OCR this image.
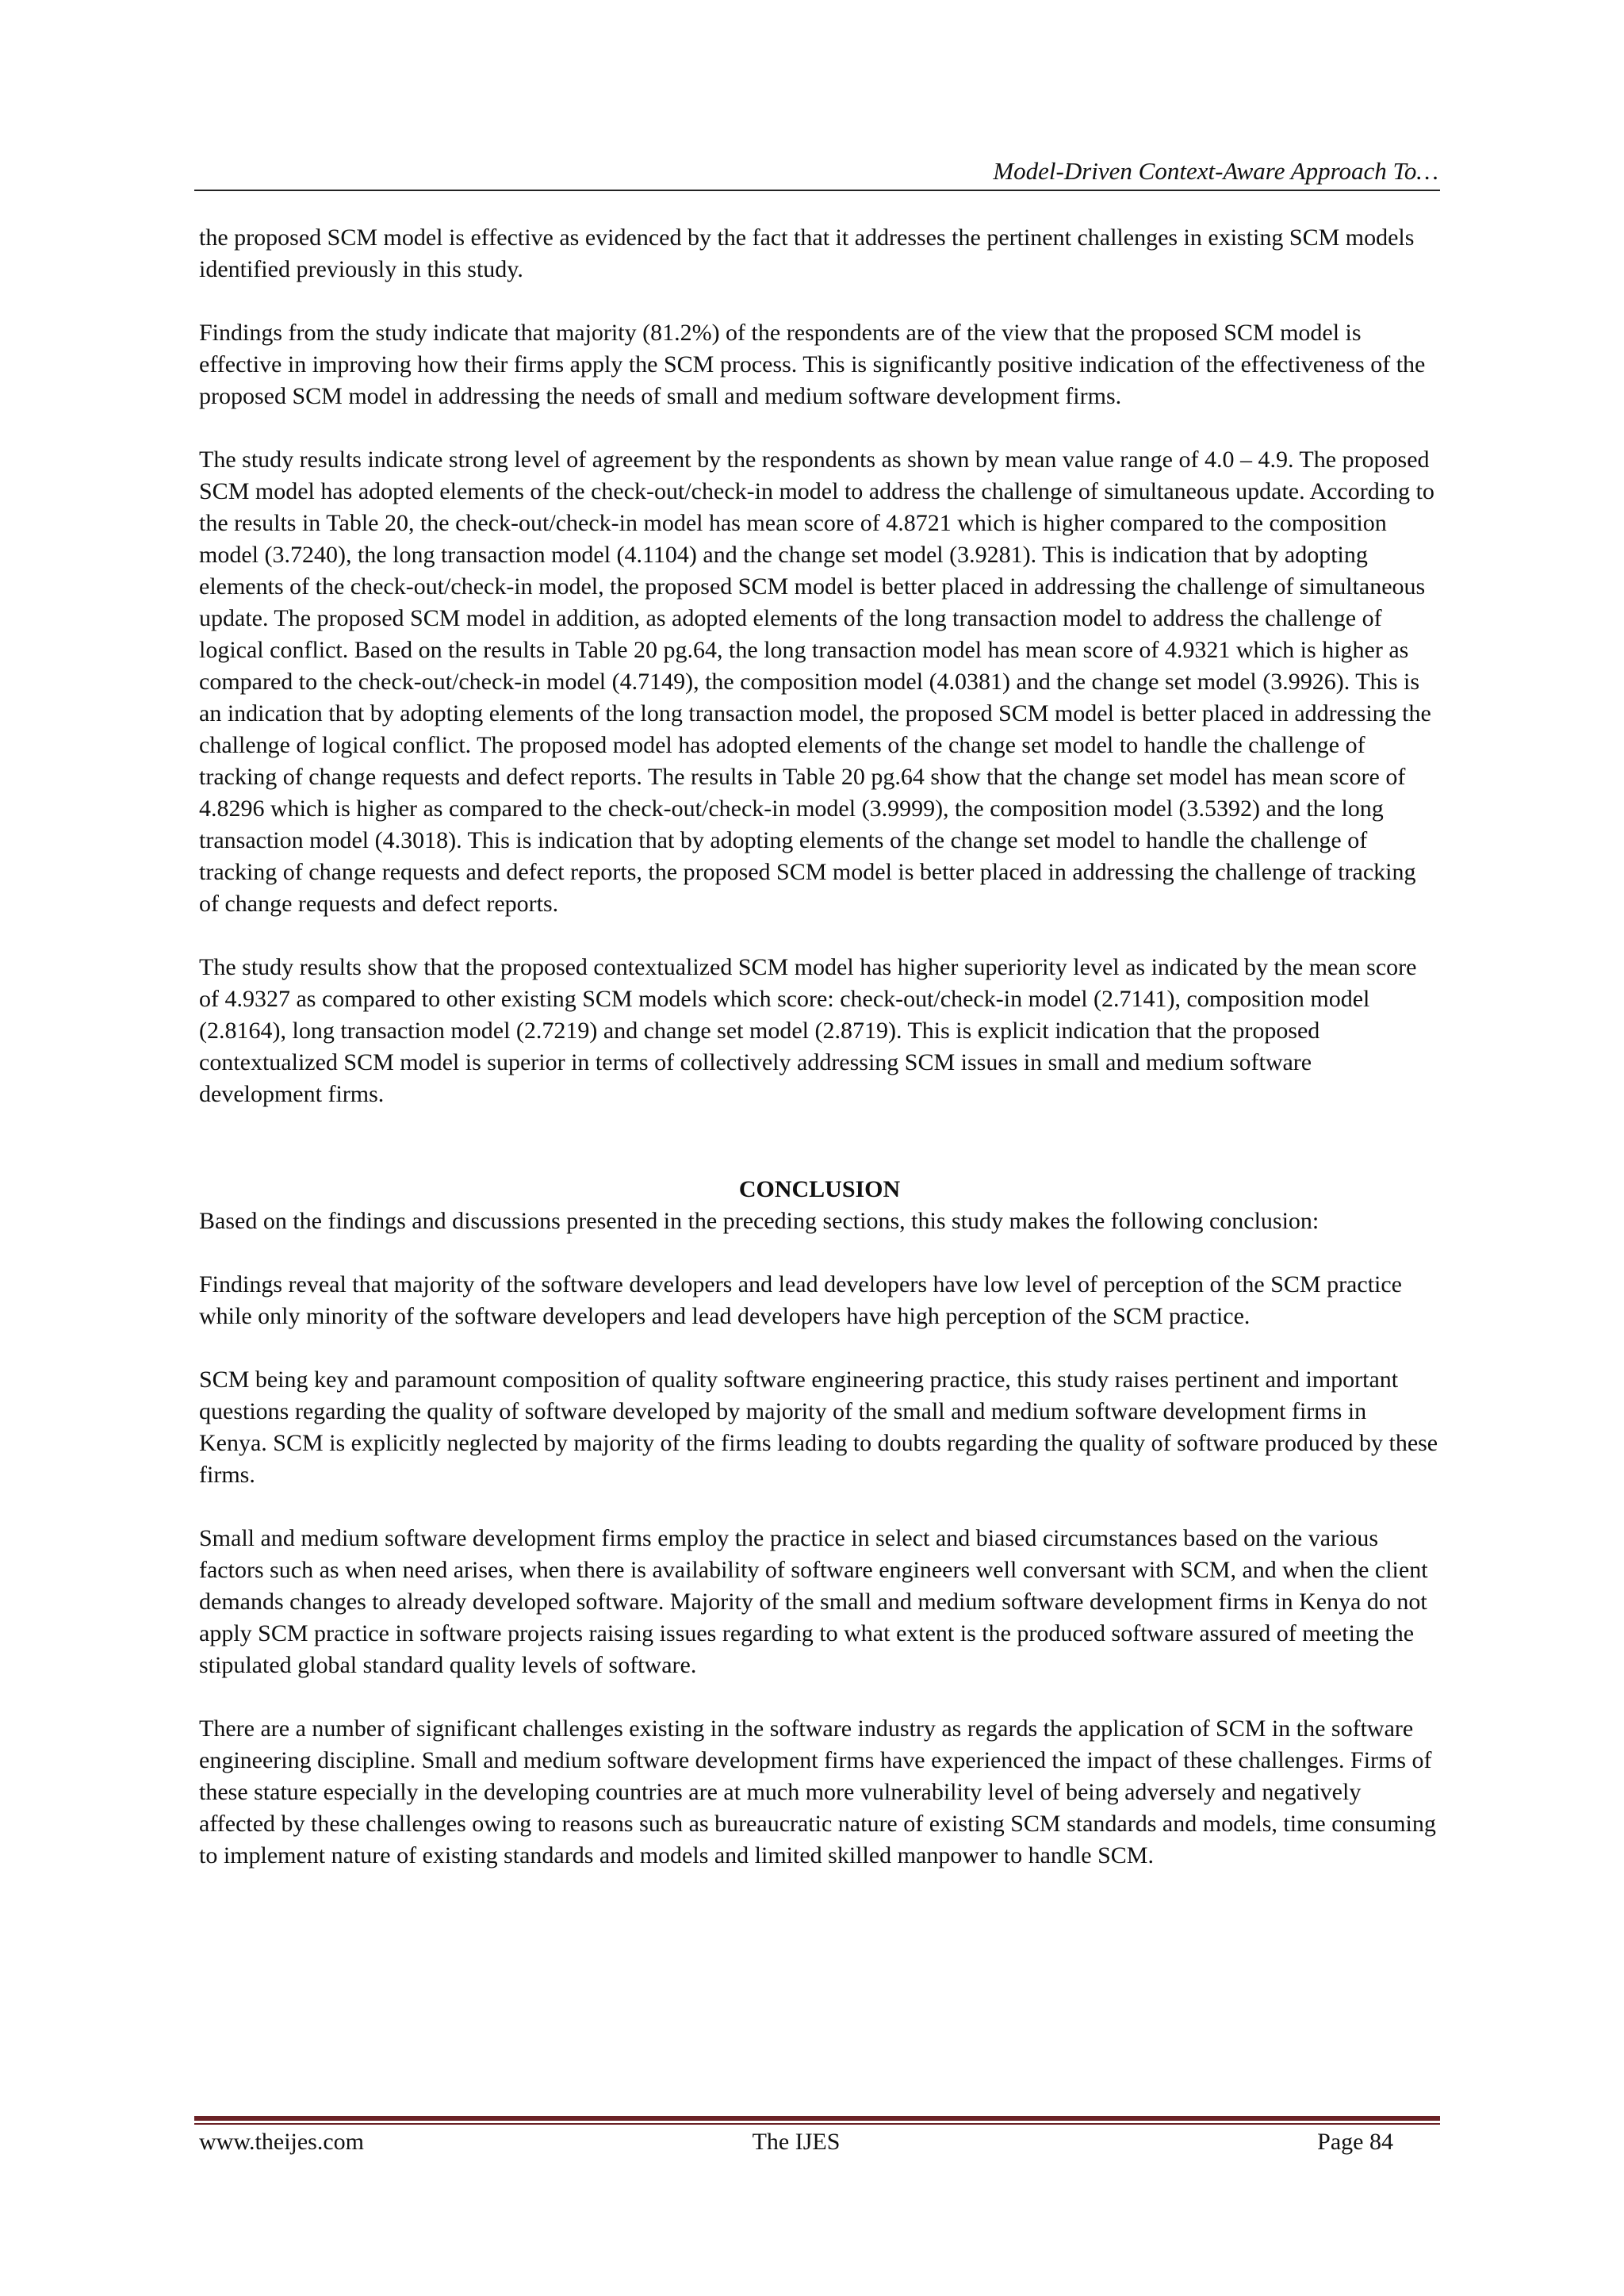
Model-Driven Context-Aware Approach To…

the proposed SCM model is effective as evidenced by the fact that it addresses the pertinent challenges in existing SCM models identified previously in this study.

Findings from the study indicate that majority (81.2%) of the respondents are of the view that the proposed SCM model is effective in improving how their firms apply the SCM process. This is significantly positive indication of the effectiveness of the proposed SCM model in addressing the needs of small and medium software development firms.

The study results indicate strong level of agreement by the respondents as shown by mean value range of 4.0 – 4.9. The proposed SCM model has adopted elements of the check-out/check-in model to address the challenge of simultaneous update. According to the results in Table 20, the check-out/check-in model has mean score of 4.8721 which is higher compared to the composition model (3.7240), the long transaction model (4.1104) and the change set model (3.9281). This is indication that by adopting elements of the check-out/check-in model, the proposed SCM model is better placed in addressing the challenge of simultaneous update. The proposed SCM model in addition, as adopted elements of the long transaction model to address the challenge of logical conflict. Based on the results in Table 20 pg.64, the long transaction model has mean score of 4.9321 which is higher as compared to the check-out/check-in model (4.7149), the composition model (4.0381) and the change set model (3.9926). This is an indication that by adopting elements of the long transaction model, the proposed SCM model is better placed in addressing the challenge of logical conflict. The proposed model has adopted elements of the change set model to handle the challenge of tracking of change requests and defect reports. The results in Table 20 pg.64 show that the change set model has mean score of 4.8296 which is higher as compared to the check-out/check-in model (3.9999), the composition model (3.5392) and the long transaction model (4.3018). This is indication that by adopting elements of the change set model to handle the challenge of tracking of change requests and defect reports, the proposed SCM model is better placed in addressing the challenge of tracking of change requests and defect reports.

The study results show that the proposed contextualized SCM model has higher superiority level as indicated by the mean score of 4.9327 as compared to other existing SCM models which score: check-out/check-in model (2.7141), composition model (2.8164), long transaction model (2.7219) and change set model (2.8719). This is explicit indication that the proposed contextualized SCM model is superior in terms of collectively addressing SCM issues in small and medium software development firms.

CONCLUSION

Based on the findings and discussions presented in the preceding sections, this study makes the following conclusion:

Findings reveal that majority of the software developers and lead developers have low level of perception of the SCM practice while only minority of the software developers and lead developers have high perception of the SCM practice.

SCM being key and paramount composition of quality software engineering practice, this study raises pertinent and important questions regarding the quality of software developed by majority of the small and medium software development firms in Kenya. SCM is explicitly neglected by majority of the firms leading to doubts regarding the quality of software produced by these firms.

Small and medium software development firms employ the practice in select and biased circumstances based on the various factors such as when need arises, when there is availability of software engineers well conversant with SCM, and when the client demands changes to already developed software. Majority of the small and medium software development firms in Kenya do not apply SCM practice in software projects raising issues regarding to what extent is the produced software assured of meeting the stipulated global standard quality levels of software.

There are a number of significant challenges existing in the software industry as regards the application of SCM in the software engineering discipline. Small and medium software development firms have experienced the impact of these challenges. Firms of these stature especially in the developing countries are at much more vulnerability level of being adversely and negatively affected by these challenges owing to reasons such as bureaucratic nature of existing SCM standards and models, time consuming to implement nature of existing standards and models and limited skilled manpower to handle SCM.

www.theijes.com	The IJES	Page 84
